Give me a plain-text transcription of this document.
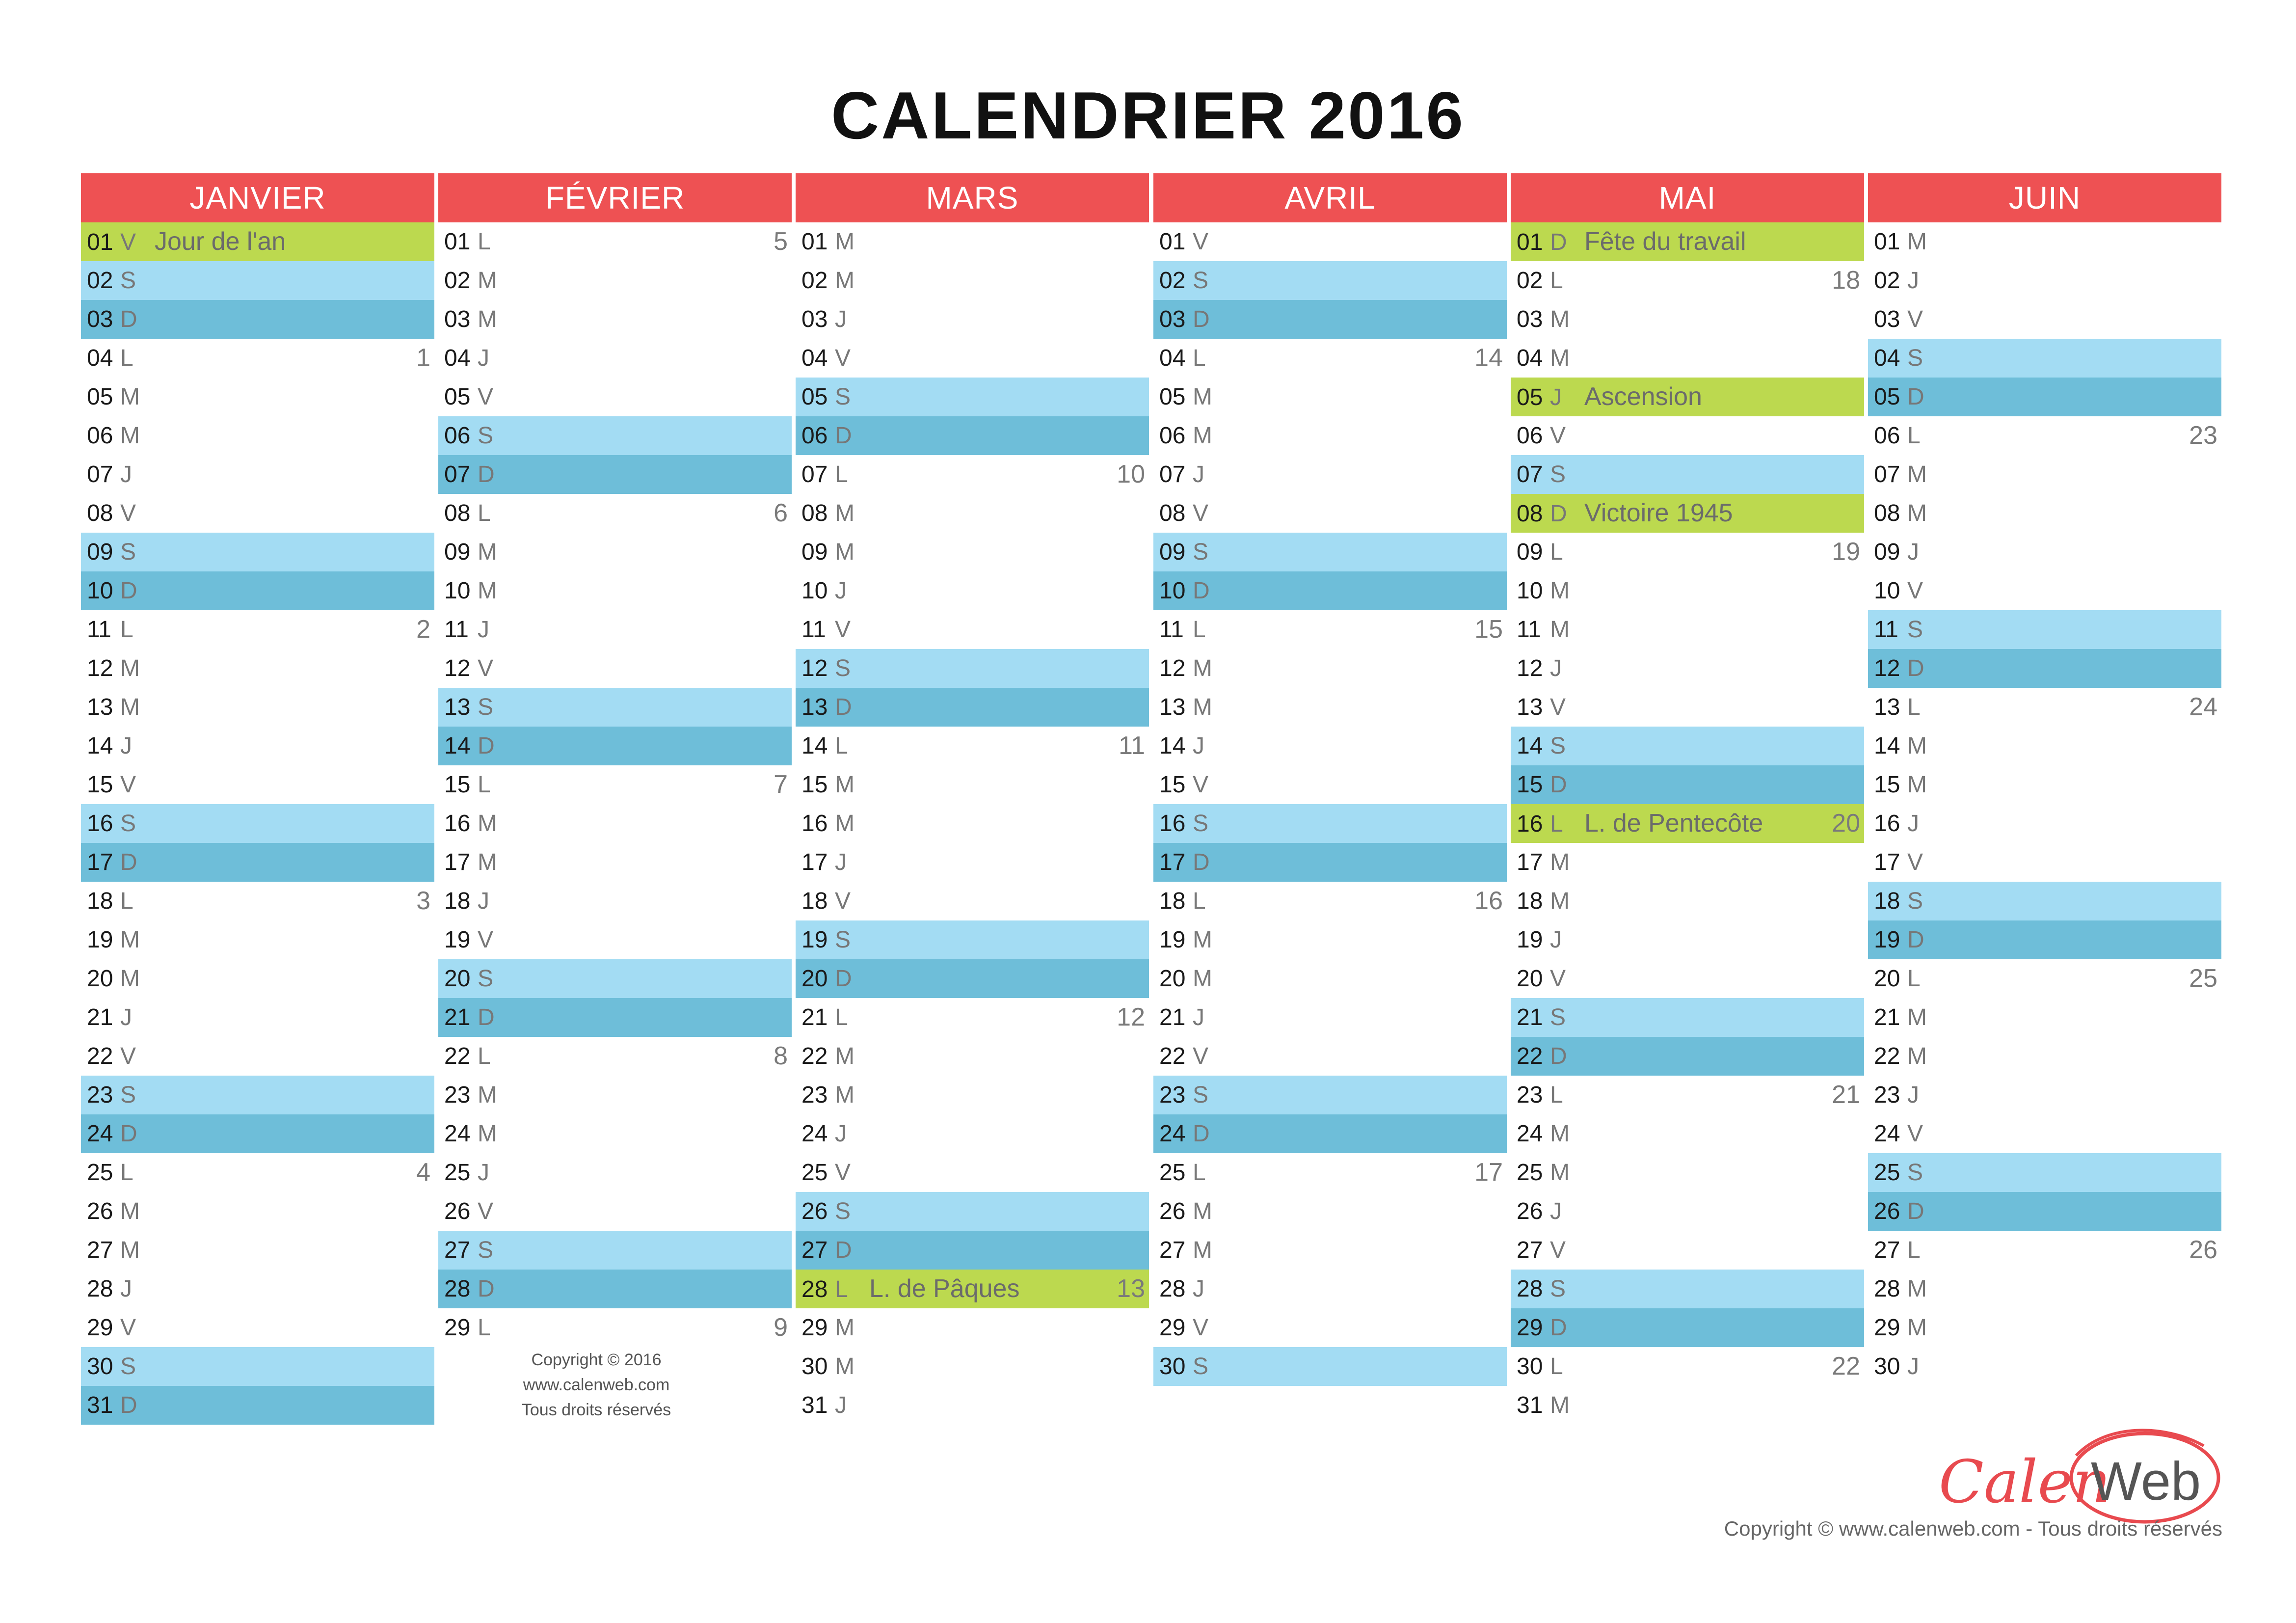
CALENDRIER 2016
JANVIER
01 V Jour de l'an
02 S
03 D
04 L	1
05 M
06 M
07 J
08 V
09 S
10 D
11 L	2
12 M
13 M
14 J
15 V
16 S
17 D
18 L	3
19 M
20 M
21 J
22 V
23 S
24 D
25 L	4
26 M
27 M
28 J
29 V
30 S
31 D
FÉVRIER
01 L	5
02 M
03 M
04 J
05 V
06 S
07 D
08 L	6
09 M
10 M
11 J
12 V
13 S
14 D
15 L	7
16 M
17 M
18 J
19 V
20 S
21 D
22 L	8
23 M
24 M
25 J
26 V
27 S
28 D
29 L	9
MARS
01 M
02 M
03 J
04 V
05 S
06 D
07 L	10
08 M
09 M
10 J
11 V
12 S
13 D
14 L	11
15 M
16 M
17 J
18 V
19 S
20 D
21 L	12
22 M
23 M
24 J
25 V
26 S
27 D
28 L L. de Pâques	13
29 M
30 M
31 J
AVRIL
01 V
02 S
03 D
04 L	14
05 M
06 M
07 J
08 V
09 S
10 D
11 L	15
12 M
13 M
14 J
15 V
16 S
17 D
18 L	16
19 M
20 M
21 J
22 V
23 S
24 D
25 L	17
26 M
27 M
28 J
29 V
30 S
MAI
01 D Fête du travail
02 L	18
03 M
04 M
05 J Ascension
06 V
07 S
08 D Victoire 1945
09 L	19
10 M
11 M
12 J
13 V
14 S
15 D
16 L L. de Pentecôte	20
17 M
18 M
19 J
20 V
21 S
22 D
23 L	21
24 M
25 M
26 J
27 V
28 S
29 D
30 L	22
31 M
JUIN
01 M
02 J
03 V
04 S
05 D
06 L	23
07 M
08 M
09 J
10 V
11 S
12 D
13 L	24
14 M
15 M
16 J
17 V
18 S
19 D
20 L	25
21 M
22 M
23 J
24 V
25 S
26 D
27 L	26
28 M
29 M
30 J
Copyright © 2016
www.calenweb.com
Tous droits réservés
Calen
Web
Copyright © www.calenweb.com - Tous droits réservés
